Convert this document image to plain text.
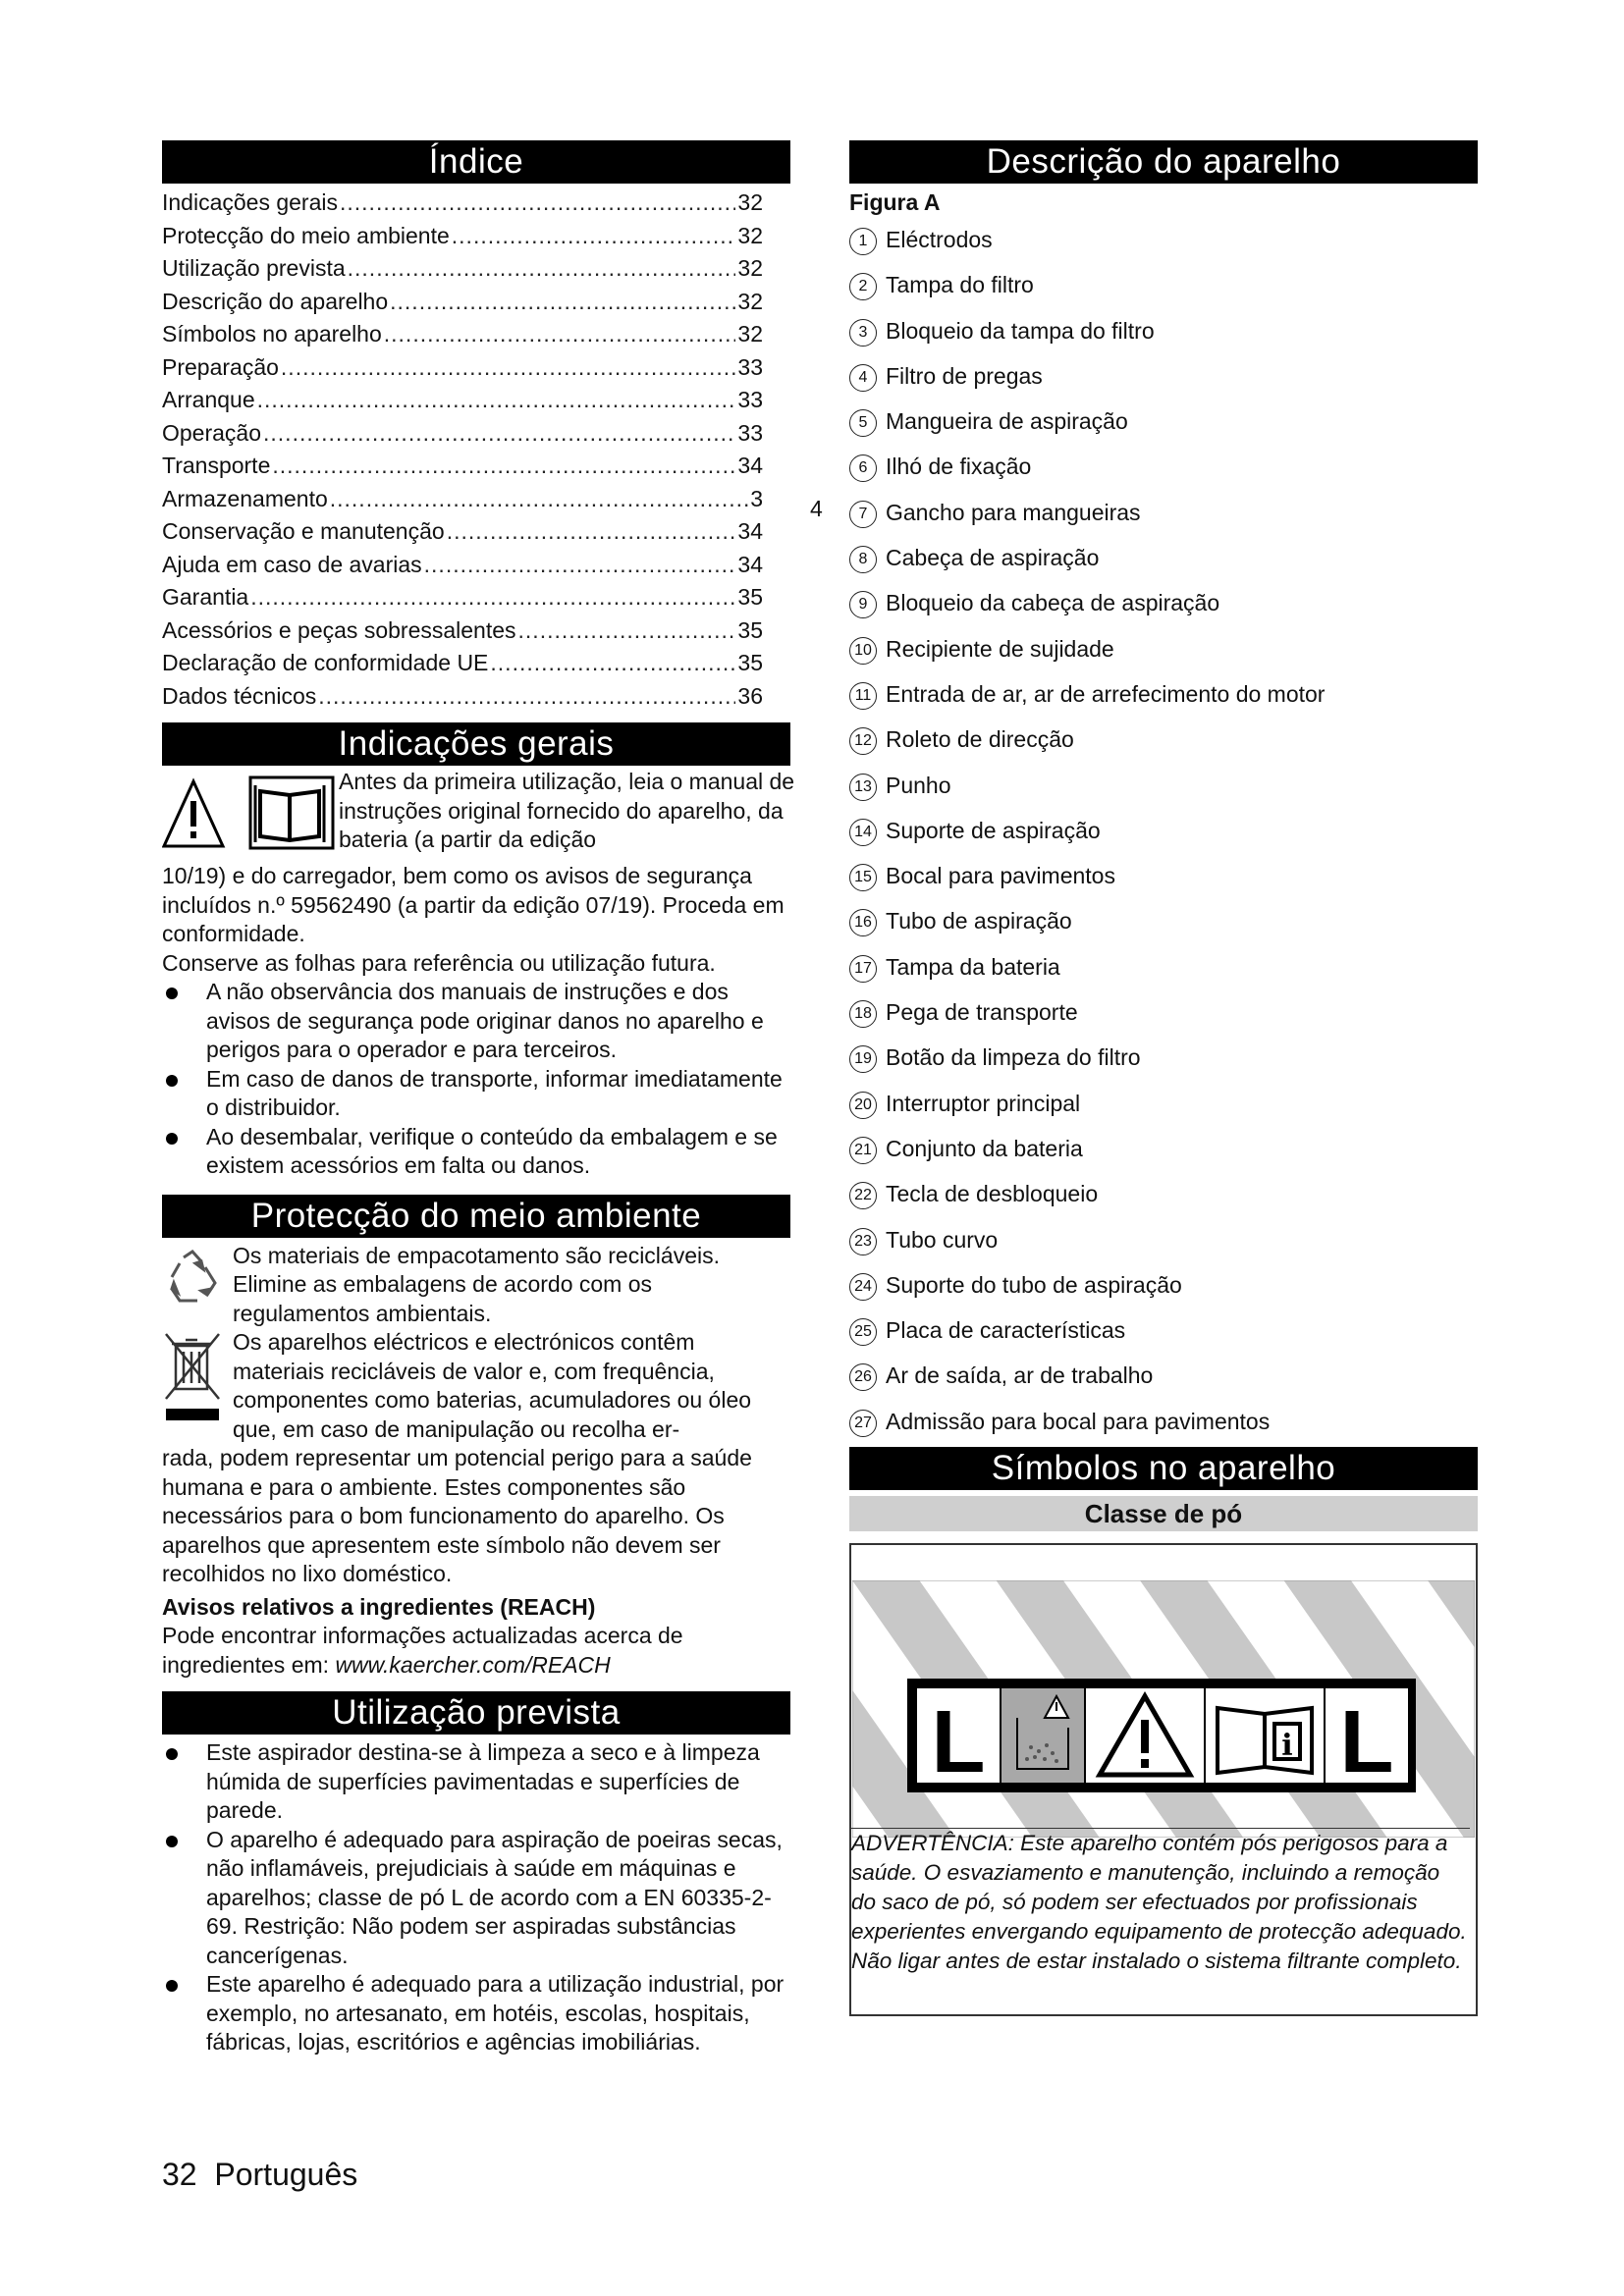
Índice
Indicações gerais .....	32
Protecção do meio ambiente .....	32
Utilização prevista .....	32
Descrição do aparelho .....	32
Símbolos no aparelho .....	32
Preparação .....	33
Arranque .....	33
Operação .....	33
Transporte .....	34
Armazenamento .....	3
Conservação e manutenção .....	34
Ajuda em caso de avarias .....	34
Garantia .....	35
Acessórios e peças sobressalentes .....	35
Declaração de conformidade UE .....	35
Dados técnicos .....	36
4
Indicações gerais

Antes da primeira utilização, leia o manual de instruções original fornecido do aparelho, da bateria (a partir da edição

10/19) e do carregador, bem como os avisos de segurança incluídos n.º 59562490 (a partir da edição 07/19). Proceda em conformidade.

Conserve as folhas para referência ou utilização futura.

A não observância dos manuais de instruções e dos avisos de segurança pode originar danos no aparelho e perigos para o operador e para terceiros.
Em caso de danos de transporte, informar imediatamente o distribuidor.
Ao desembalar, verifique o conteúdo da embalagem e se existem acessórios em falta ou danos.
Protecção do meio ambiente

Os materiais de empacotamento são recicláveis. Elimine as embalagens de acordo com os regulamentos ambientais.

Os aparelhos eléctricos e electrónicos contêm materiais recicláveis de valor e, com frequência, componentes como baterias, acumuladores ou óleo que, em caso de manipulação ou recolha er-

rada, podem representar um potencial perigo para a saúde humana e para o ambiente. Estes componentes são necessários para o bom funcionamento do aparelho. Os aparelhos que apresentem este símbolo não devem ser recolhidos no lixo doméstico.

Avisos relativos a ingredientes (REACH)

Pode encontrar informações actualizadas acerca de ingredientes em: www.kaercher.com/REACH

Utilização prevista
Este aspirador destina-se à limpeza a seco e à limpeza húmida de superfícies pavimentadas e superfícies de parede.
O aparelho é adequado para aspiração de poeiras secas, não inflamáveis, prejudiciais à saúde em máquinas e aparelhos; classe de pó L de acordo com a EN 60335-2-69. Restrição: Não podem ser aspiradas substâncias cancerígenas.
Este aparelho é adequado para a utilização industrial, por exemplo, no artesanato, em hotéis, escolas, hospitais, fábricas, lojas, escritórios e agências imobiliárias.
Descrição do aparelho
Figura A
1 Eléctrodos
2 Tampa do filtro
3 Bloqueio da tampa do filtro
4 Filtro de pregas
5 Mangueira de aspiração
6 Ilhó de fixação
7 Gancho para mangueiras
8 Cabeça de aspiração
9 Bloqueio da cabeça de aspiração
10 Recipiente de sujidade
11 Entrada de ar, ar de arrefecimento do motor
12 Roleto de direcção
13 Punho
14 Suporte de aspiração
15 Bocal para pavimentos
16 Tubo de aspiração
17 Tampa da bateria
18 Pega de transporte
19 Botão da limpeza do filtro
20 Interruptor principal
21 Conjunto da bateria
22 Tecla de desbloqueio
23 Tubo curvo
24 Suporte do tubo de aspiração
25 Placa de características
26 Ar de saída, ar de trabalho
27 Admissão para bocal para pavimentos
Símbolos no aparelho
Classe de pó
L	i L

ADVERTÊNCIA: Este aparelho contém pós perigosos para a saúde. O esvaziamento e manutenção, incluindo a remoção do saco de pó, só podem ser efectuados por profissionais experientes envergando equipamento de protecção adequado. Não ligar antes de estar instalado o sistema filtrante completo.

32 Português
